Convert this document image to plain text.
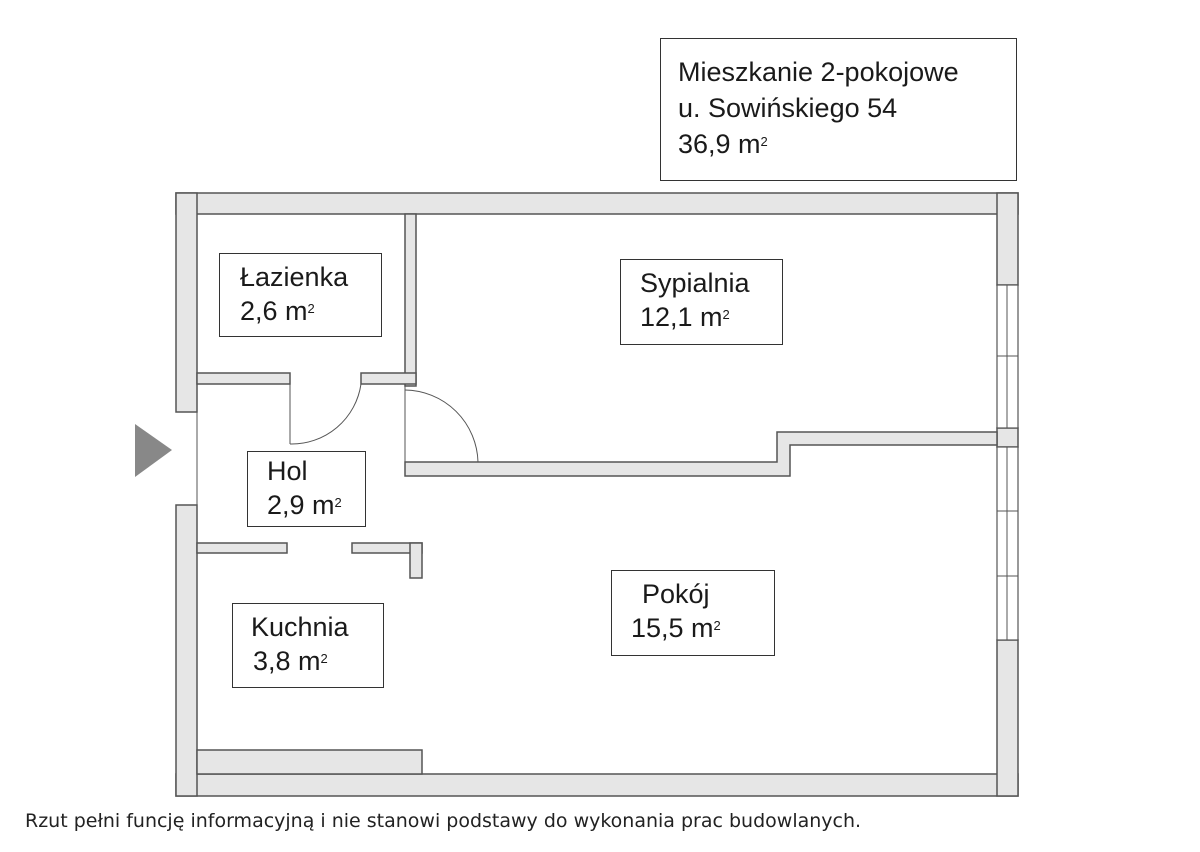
Mieszkanie 2-pokojowe
u. Sowińskiego 54
36,9 $m^2$
Łazienka
2,6 $m^2$
Sypialnia
12,1 $m^2$
Hol
2,9 $m^2$
Pokój
15,5 $m^2$
Kuchnia
3,8 $m^2$
Rzut pełni funcję informacyjną i nie stanowi podstawy do wykonania prac budowlanych.
